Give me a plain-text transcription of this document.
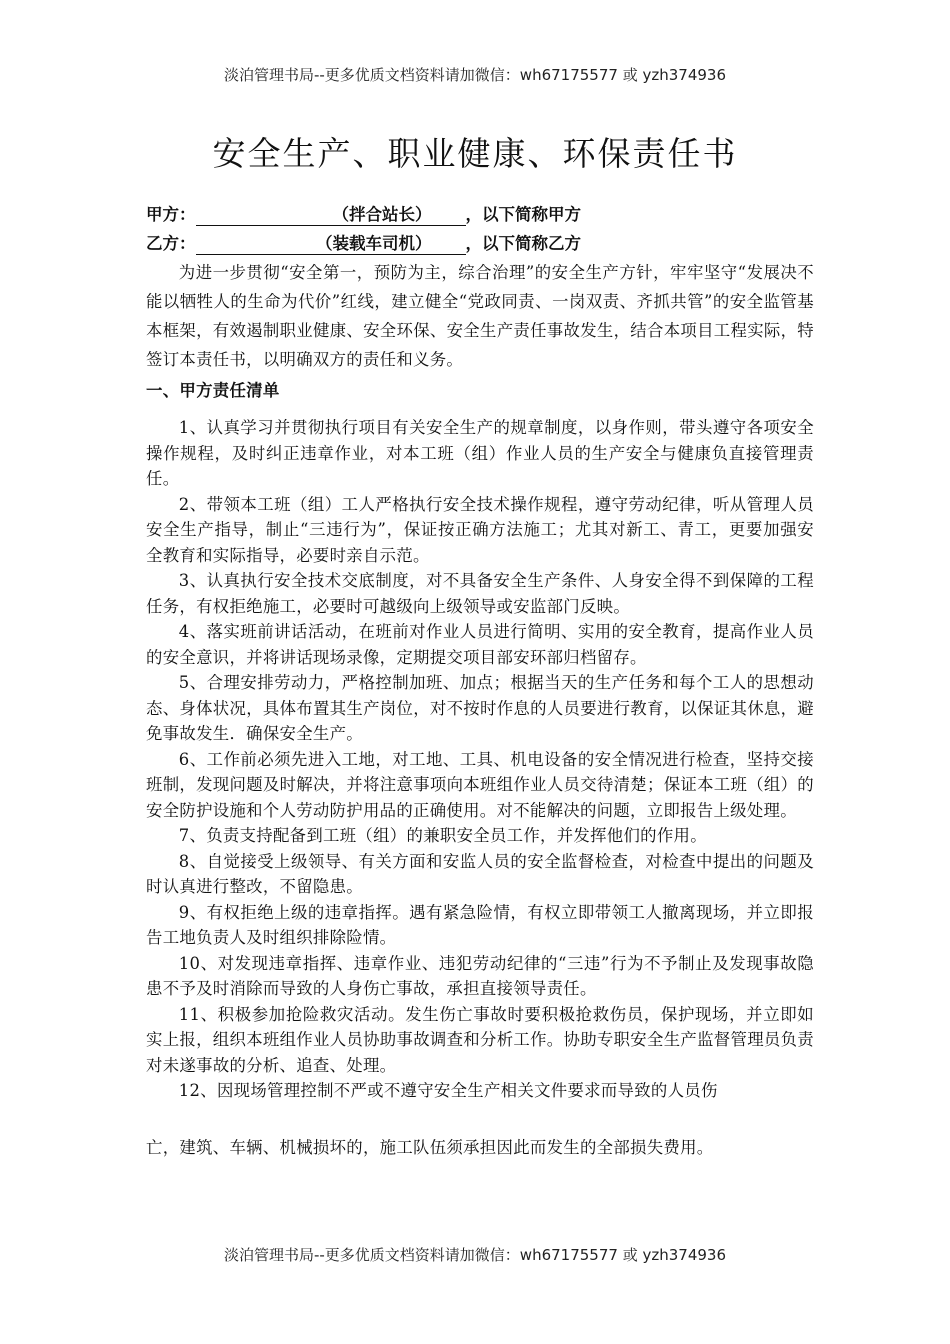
淡泊管理书局--更多优质文档资料请加微信：wh67175577 或 yzh374936
安全生产、职业健康、环保责任书
甲方：	（拌合站长） ，以下简称甲方
乙方：	（装载车司机） ，以下简称乙方

为进一步贯彻“安全第一，预防为主，综合治理”的安全生产方针，牢牢坚守“发展决不能以牺牲人的生命为代价”红线，建立健全“党政同责、一岗双责、齐抓共管”的安全监管基本框架，有效遏制职业健康、安全环保、安全生产责任事故发生，结合本项目工程实际，特签订本责任书，以明确双方的责任和义务。

一、甲方责任清单

1、认真学习并贯彻执行项目有关安全生产的规章制度，以身作则，带头遵守各项安全操作规程，及时纠正违章作业，对本工班（组）作业人员的生产安全与健康负直接管理责任。

2、带领本工班（组）工人严格执行安全技术操作规程，遵守劳动纪律，听从管理人员安全生产指导，制止“三违行为”，保证按正确方法施工；尤其对新工、青工，更要加强安全教育和实际指导，必要时亲自示范。

3、认真执行安全技术交底制度，对不具备安全生产条件、人身安全得不到保障的工程任务，有权拒绝施工，必要时可越级向上级领导或安监部门反映。

4、落实班前讲话活动，在班前对作业人员进行简明、实用的安全教育，提高作业人员的安全意识，并将讲话现场录像，定期提交项目部安环部归档留存。

5、合理安排劳动力，严格控制加班、加点；根据当天的生产任务和每个工人的思想动态、身体状况，具体布置其生产岗位，对不按时作息的人员要进行教育，以保证其休息，避免事故发生．确保安全生产。

6、工作前必须先进入工地，对工地、工具、机电设备的安全情况进行检查，坚持交接班制，发现问题及时解决，并将注意事项向本班组作业人员交待清楚；保证本工班（组）的安全防护设施和个人劳动防护用品的正确使用。对不能解决的问题，立即报告上级处理。

7、负责支持配备到工班（组）的兼职安全员工作，并发挥他们的作用。

8、自觉接受上级领导、有关方面和安监人员的安全监督检查，对检查中提出的问题及时认真进行整改，不留隐患。

9、有权拒绝上级的违章指挥。遇有紧急险情，有权立即带领工人撤离现场，并立即报告工地负责人及时组织排除险情。

10、对发现违章指挥、违章作业、违犯劳动纪律的“三违”行为不予制止及发现事故隐患不予及时消除而导致的人身伤亡事故，承担直接领导责任。

11、积极参加抢险救灾活动。发生伤亡事故时要积极抢救伤员，保护现场，并立即如实上报，组织本班组作业人员协助事故调查和分析工作。协助专职安全生产监督管理员负责对未遂事故的分析、追查、处理。

12、因现场管理控制不严或不遵守安全生产相关文件要求而导致的人员伤

亡，建筑、车辆、机械损坏的，施工队伍须承担因此而发生的全部损失费用。

淡泊管理书局--更多优质文档资料请加微信：wh67175577 或 yzh374936
